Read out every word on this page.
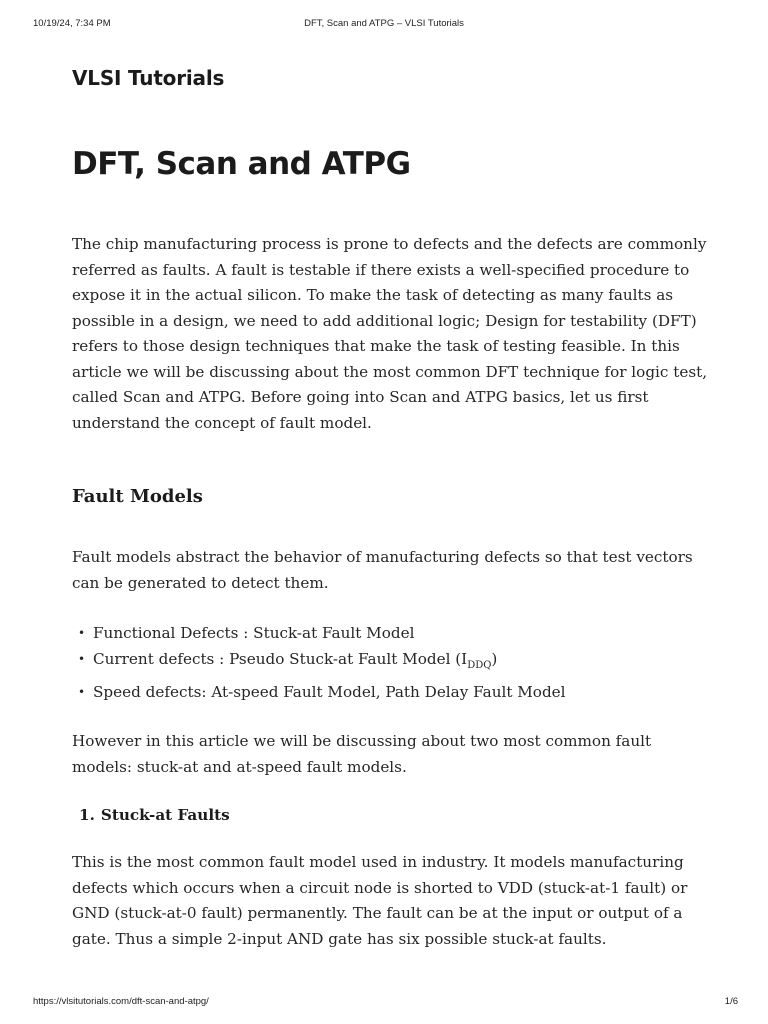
10/19/24, 7:34 PM	DFT, Scan and ATPG – VLSI Tutorials
VLSI Tutorials
DFT, Scan and ATPG

The chip manufacturing process is prone to defects and the defects are commonly referred as faults. A fault is testable if there exists a well-specified procedure to expose it in the actual silicon. To make the task of detecting as many faults as possible in a design, we need to add additional logic; Design for testability (DFT) refers to those design techniques that make the task of testing feasible. In this article we will be discussing about the most common DFT technique for logic test, called Scan and ATPG. Before going into Scan and ATPG basics, let us first understand the concept of fault model.

Fault Models

Fault models abstract the behavior of manufacturing defects so that test vectors can be generated to detect them.

• Functional Defects : Stuck-at Fault Model
• Current defects : Pseudo Stuck-at Fault Model $(I_{DDQ})$
• Speed defects: At-speed Fault Model, Path Delay Fault Model

However in this article we will be discussing about two most common fault models: stuck-at and at-speed fault models.

1. Stuck-at Faults

This is the most common fault model used in industry. It models manufacturing defects which occurs when a circuit node is shorted to VDD (stuck-at-1 fault) or GND (stuck-at-0 fault) permanently. The fault can be at the input or output of a gate. Thus a simple 2-input AND gate has six possible stuck-at faults.

https://vlsitutorials.com/dft-scan-and-atpg/	1/6
